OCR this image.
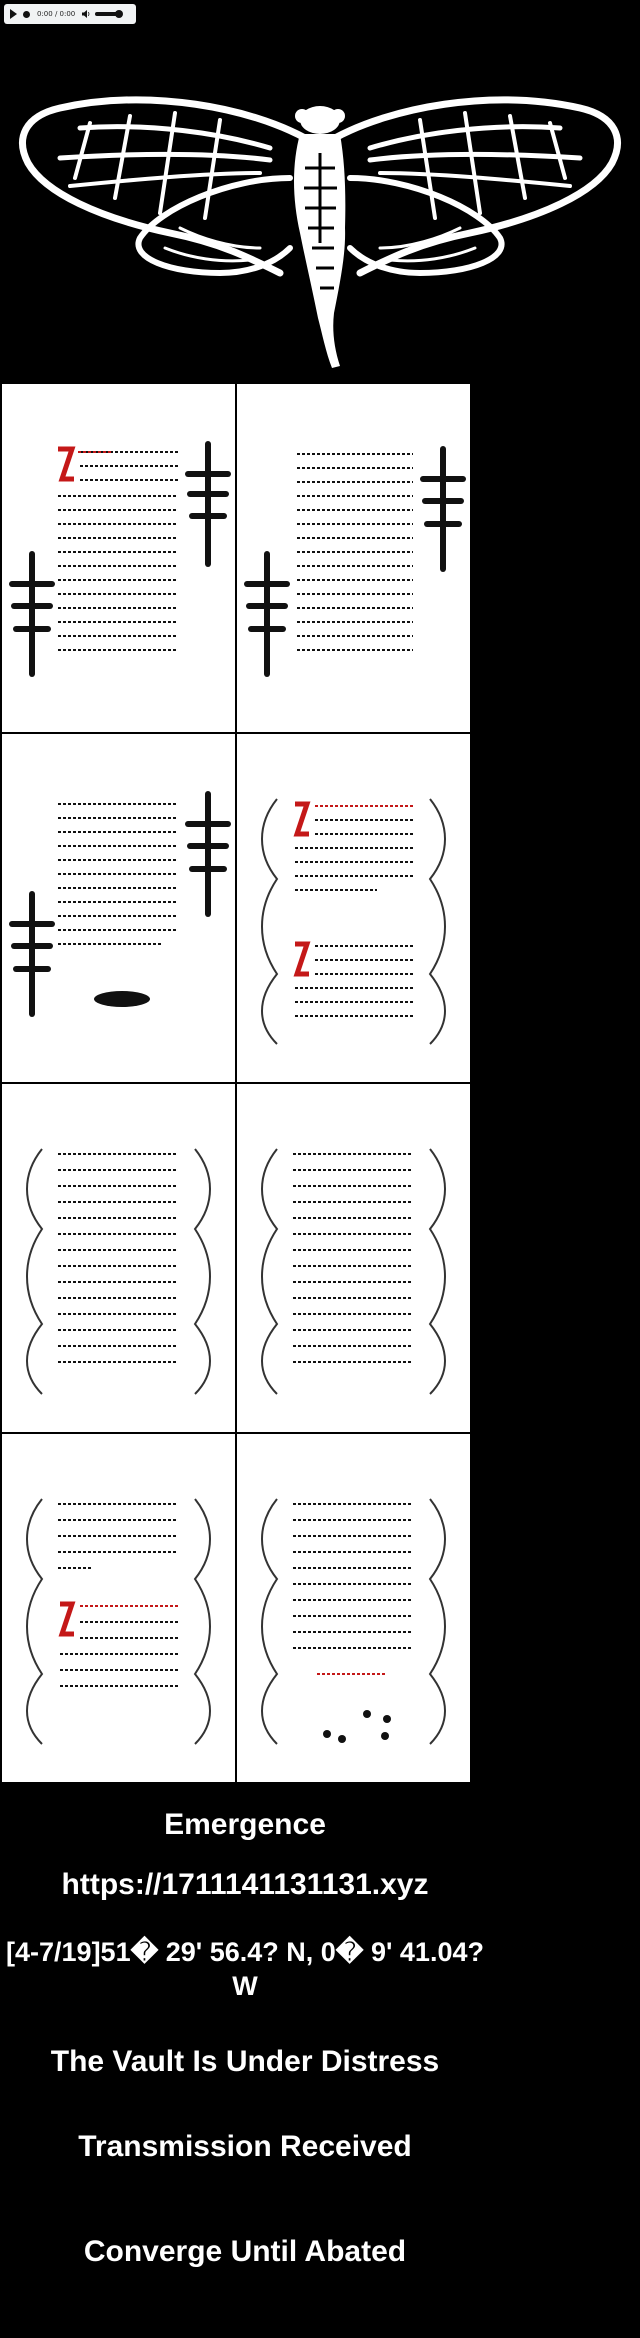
0:00 / 0:00
Emergence
https://1711141131131.xyz
[4-7/19]51� 29' 56.4? N, 0� 9' 41.04? W
The Vault Is Under Distress
Transmission Received
Converge Until Abated
